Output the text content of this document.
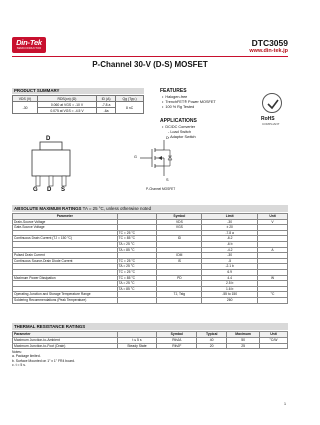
Din-Tek
SEMICONDUCTOR
DTC3059
www.din-tek.jp
P-Channel 30-V (D-S) MOSFET
PRODUCT SUMMARY
VDS (V)	RDS(on) (Ω)	ID (A)	Qg (Typ.)
-30	0.060 at VGS = -10 V	-7.8 a	8 nC
	0.075 at VGS = -4.5 V	-6a	
FEATURES
• Halogen-free
• TrenchFET® Power MOSFET
• 100 % Rg Tested
APPLICATIONS
• DC/DC Converter
- Load Switch
- Adaptor Switch
RoHS
COMPLIANT
D
G D S
G
D
S
P-Channel MOSFET
ABSOLUTE MAXIMUM RATINGS TA = 25 °C, unless otherwise noted
Parameter		Symbol	Limit	Unit
Drain-Source Voltage		VDS	-30	V
Gate-Source Voltage		VGS	± 20	
	TC = 25 °C		-7.8 a	
Continuous Drain Current (TJ = 150 °C)	TC = 85 °C	ID	-6.2	
	TA = 25 °C		-6 b	
	TA = 85 °C		-4.2	A
Pulsed Drain Current		IDM	-30	
Continuous Source-Drain Diode Current	TC = 25 °C	IS	-5	
	TA = 25 °C		-2.1 b	
	TC = 25 °C		6.9	
Maximum Power Dissipation	TC = 85 °C	PD	4.4	W
	TA = 25 °C		2.5 b	
	TA = 85 °C		1.6 b	
Operating Junction and Storage Temperature Range		TJ, Tstg	-55 to 150	°C
Soldering Recommendations (Peak Temperature)			260	
THERMAL RESISTANCE RATINGS
Parameter		Symbol	Typical	Maximum	Unit
Maximum Junction-to-Ambient	t ≤ 5 s	RthJA	40	50	°C/W
Maximum Junction-to-Foot (Drain)	Steady State	RthJF	20	25	
Notes:
a. Package limited.
b. Surface Mounted on 1" x 1" FR4 board.
c. t = 5 s.
1
